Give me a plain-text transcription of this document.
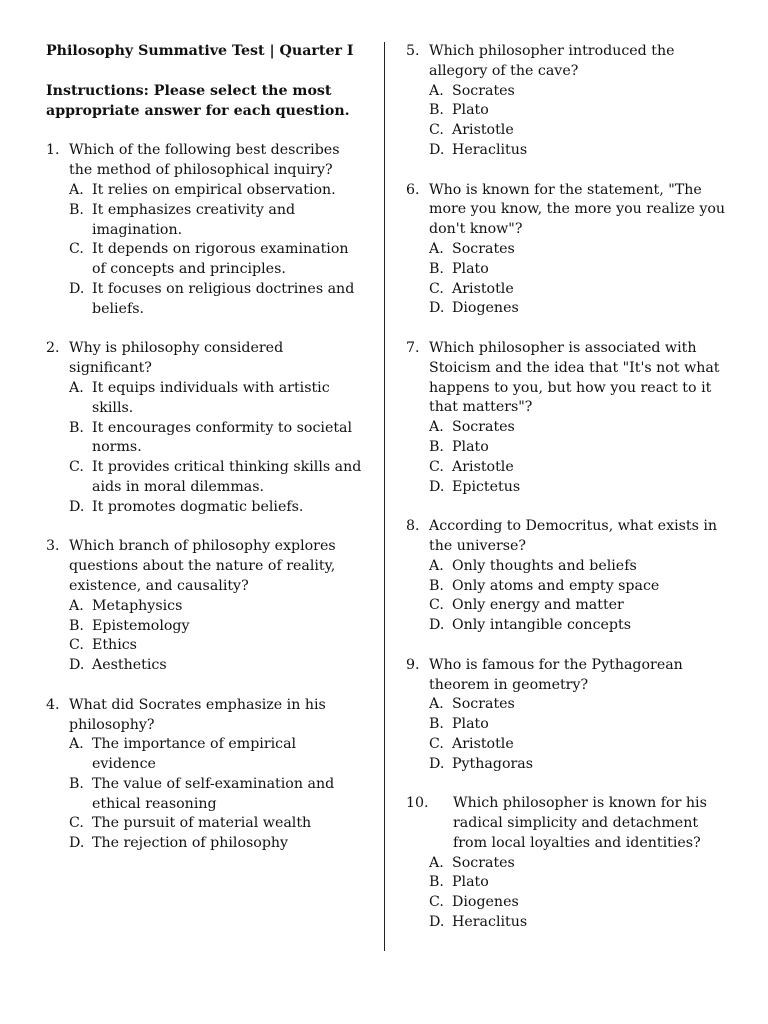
Philosophy Summative Test | Quarter I
Instructions: Please select the most appropriate answer for each question.
1. Which of the following best describes the method of philosophical inquiry?
A. It relies on empirical observation.
B. It emphasizes creativity and imagination.
C. It depends on rigorous examination of concepts and principles.
D. It focuses on religious doctrines and beliefs.
2. Why is philosophy considered significant?
A. It equips individuals with artistic skills.
B. It encourages conformity to societal norms.
C. It provides critical thinking skills and aids in moral dilemmas.
D. It promotes dogmatic beliefs.
3. Which branch of philosophy explores questions about the nature of reality, existence, and causality?
A. Metaphysics
B. Epistemology
C. Ethics
D. Aesthetics
4. What did Socrates emphasize in his philosophy?
A. The importance of empirical evidence
B. The value of self-examination and ethical reasoning
C. The pursuit of material wealth
D. The rejection of philosophy
5. Which philosopher introduced the allegory of the cave?
A. Socrates
B. Plato
C. Aristotle
D. Heraclitus
6. Who is known for the statement, "The more you know, the more you realize you don't know"?
A. Socrates
B. Plato
C. Aristotle
D. Diogenes
7. Which philosopher is associated with Stoicism and the idea that "It's not what happens to you, but how you react to it that matters"?
A. Socrates
B. Plato
C. Aristotle
D. Epictetus
8. According to Democritus, what exists in the universe?
A. Only thoughts and beliefs
B. Only atoms and empty space
C. Only energy and matter
D. Only intangible concepts
9. Who is famous for the Pythagorean theorem in geometry?
A. Socrates
B. Plato
C. Aristotle
D. Pythagoras
10.	Which philosopher is known for his radical simplicity and detachment from local loyalties and identities?
A. Socrates
B. Plato
C. Diogenes
D. Heraclitus
